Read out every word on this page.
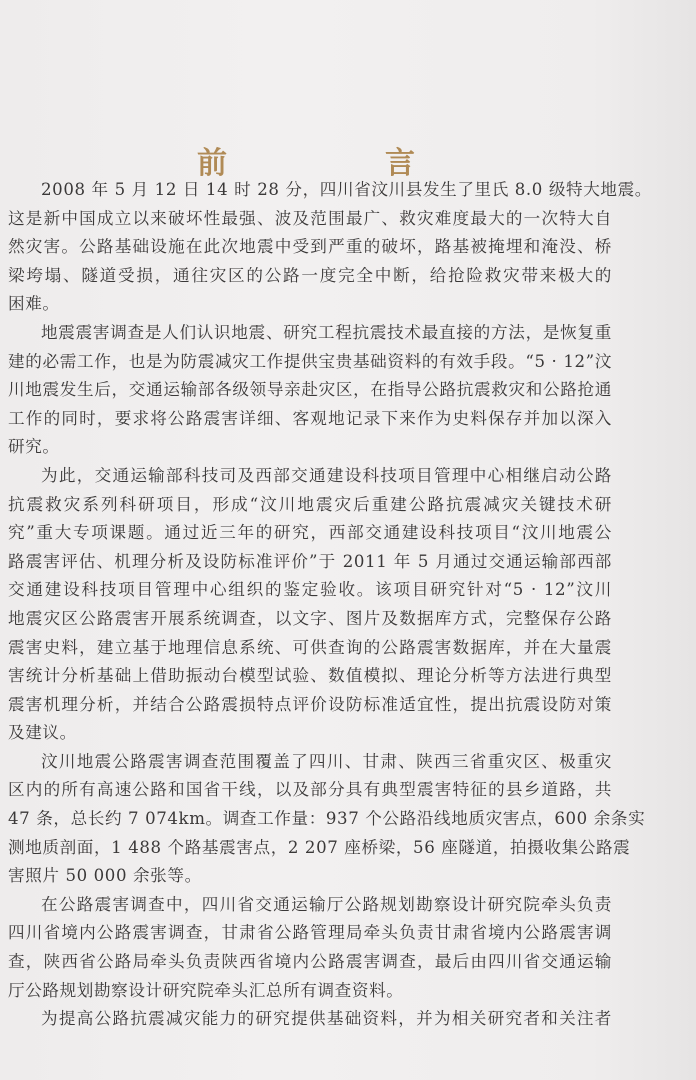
前　言
2008 年 5 月 12 日 14 时 28 分，四川省汶川县发生了里氏 8.0 级特大地震。
这是新中国成立以来破坏性最强、波及范围最广、救灾难度最大的一次特大自
然灾害。公路基础设施在此次地震中受到严重的破坏，路基被掩埋和淹没、桥
梁垮塌、隧道受损，通往灾区的公路一度完全中断，给抢险救灾带来极大的
困难。
地震震害调查是人们认识地震、研究工程抗震技术最直接的方法，是恢复重
建的必需工作，也是为防震减灾工作提供宝贵基础资料的有效手段。“5 · 12”汶
川地震发生后，交通运输部各级领导亲赴灾区，在指导公路抗震救灾和公路抢通
工作的同时，要求将公路震害详细、客观地记录下来作为史料保存并加以深入
研究。
为此，交通运输部科技司及西部交通建设科技项目管理中心相继启动公路
抗震救灾系列科研项目，形成“汶川地震灾后重建公路抗震减灾关键技术研
究”重大专项课题。通过近三年的研究，西部交通建设科技项目“汶川地震公
路震害评估、机理分析及设防标准评价”于 2011 年 5 月通过交通运输部西部
交通建设科技项目管理中心组织的鉴定验收。该项目研究针对“5 · 12”汶川
地震灾区公路震害开展系统调查，以文字、图片及数据库方式，完整保存公路
震害史料，建立基于地理信息系统、可供查询的公路震害数据库，并在大量震
害统计分析基础上借助振动台模型试验、数值模拟、理论分析等方法进行典型
震害机理分析，并结合公路震损特点评价设防标准适宜性，提出抗震设防对策
及建议。
汶川地震公路震害调查范围覆盖了四川、甘肃、陕西三省重灾区、极重灾
区内的所有高速公路和国省干线，以及部分具有典型震害特征的县乡道路，共
47 条，总长约 7 074km。调查工作量：937 个公路沿线地质灾害点，600 余条实
测地质剖面，1 488 个路基震害点，2 207 座桥梁，56 座隧道，拍摄收集公路震
害照片 50 000 余张等。
在公路震害调查中，四川省交通运输厅公路规划勘察设计研究院牵头负责
四川省境内公路震害调查，甘肃省公路管理局牵头负责甘肃省境内公路震害调
查，陕西省公路局牵头负责陕西省境内公路震害调查，最后由四川省交通运输
厅公路规划勘察设计研究院牵头汇总所有调查资料。
为提高公路抗震减灾能力的研究提供基础资料，并为相关研究者和关注者
